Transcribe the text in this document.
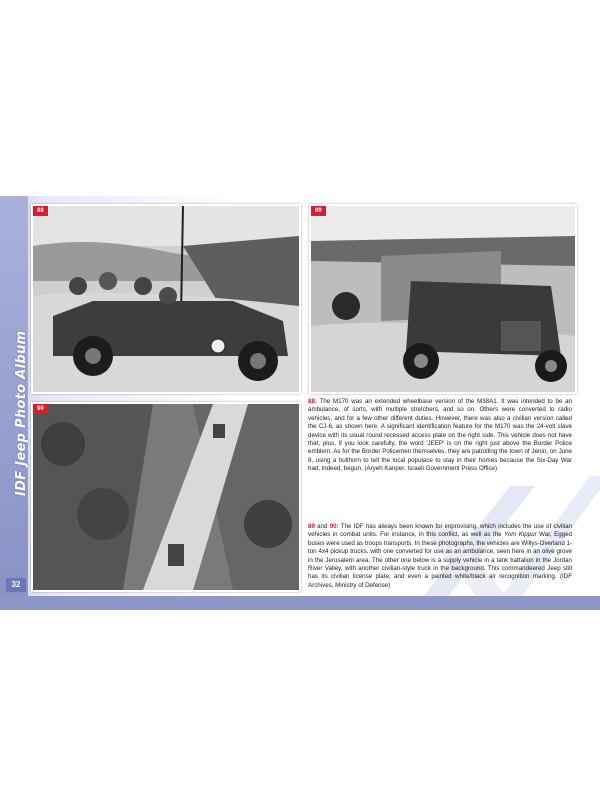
IDF Jeep Photo Album
32
88	89
90
88: The M170 was an extended wheelbase version of the M38A1. It was intended to be an ambulance, of sorts, with multiple stretchers, and so on. Others were converted to radio vehicles, and for a few other different duties. However, there was also a civilian version called the CJ-6, as shown here. A significant identification feature for the M170 was the 24-volt slave device with its usual round recessed access plate on the right side. This vehicle does not have that, plus, if you look carefully, the word 'JEEP' is on the right just above the Border Police emblem. As for the Border Policemen themselves, they are patrolling the town of Jenin, on June 8, using a bullhorn to tell the local populace to stay in their homes because the Six-Day War had, indeed, begun. (Aryeh Kanper, Israeli Government Press Office)
89 and 90: The IDF has always been known for improvising, which includes the use of civilian vehicles in combat units. For instance, in this conflict, as well as the Yom Kippur War, Egged buses were used as troops transports. In these photographs, the vehicles are Willys-Overland 1-ton 4x4 pickup trucks, with one converted for use as an ambulance, seen here in an olive grove in the Jerusalem area. The other one below is a supply vehicle in a tank battalion in the Jordan River Valley, with another civilian-style truck in the background. This commandeered Jeep still has its civilian license plate, and even a painted white/black air recognition marking. (IDF Archives, Ministry of Defense)
